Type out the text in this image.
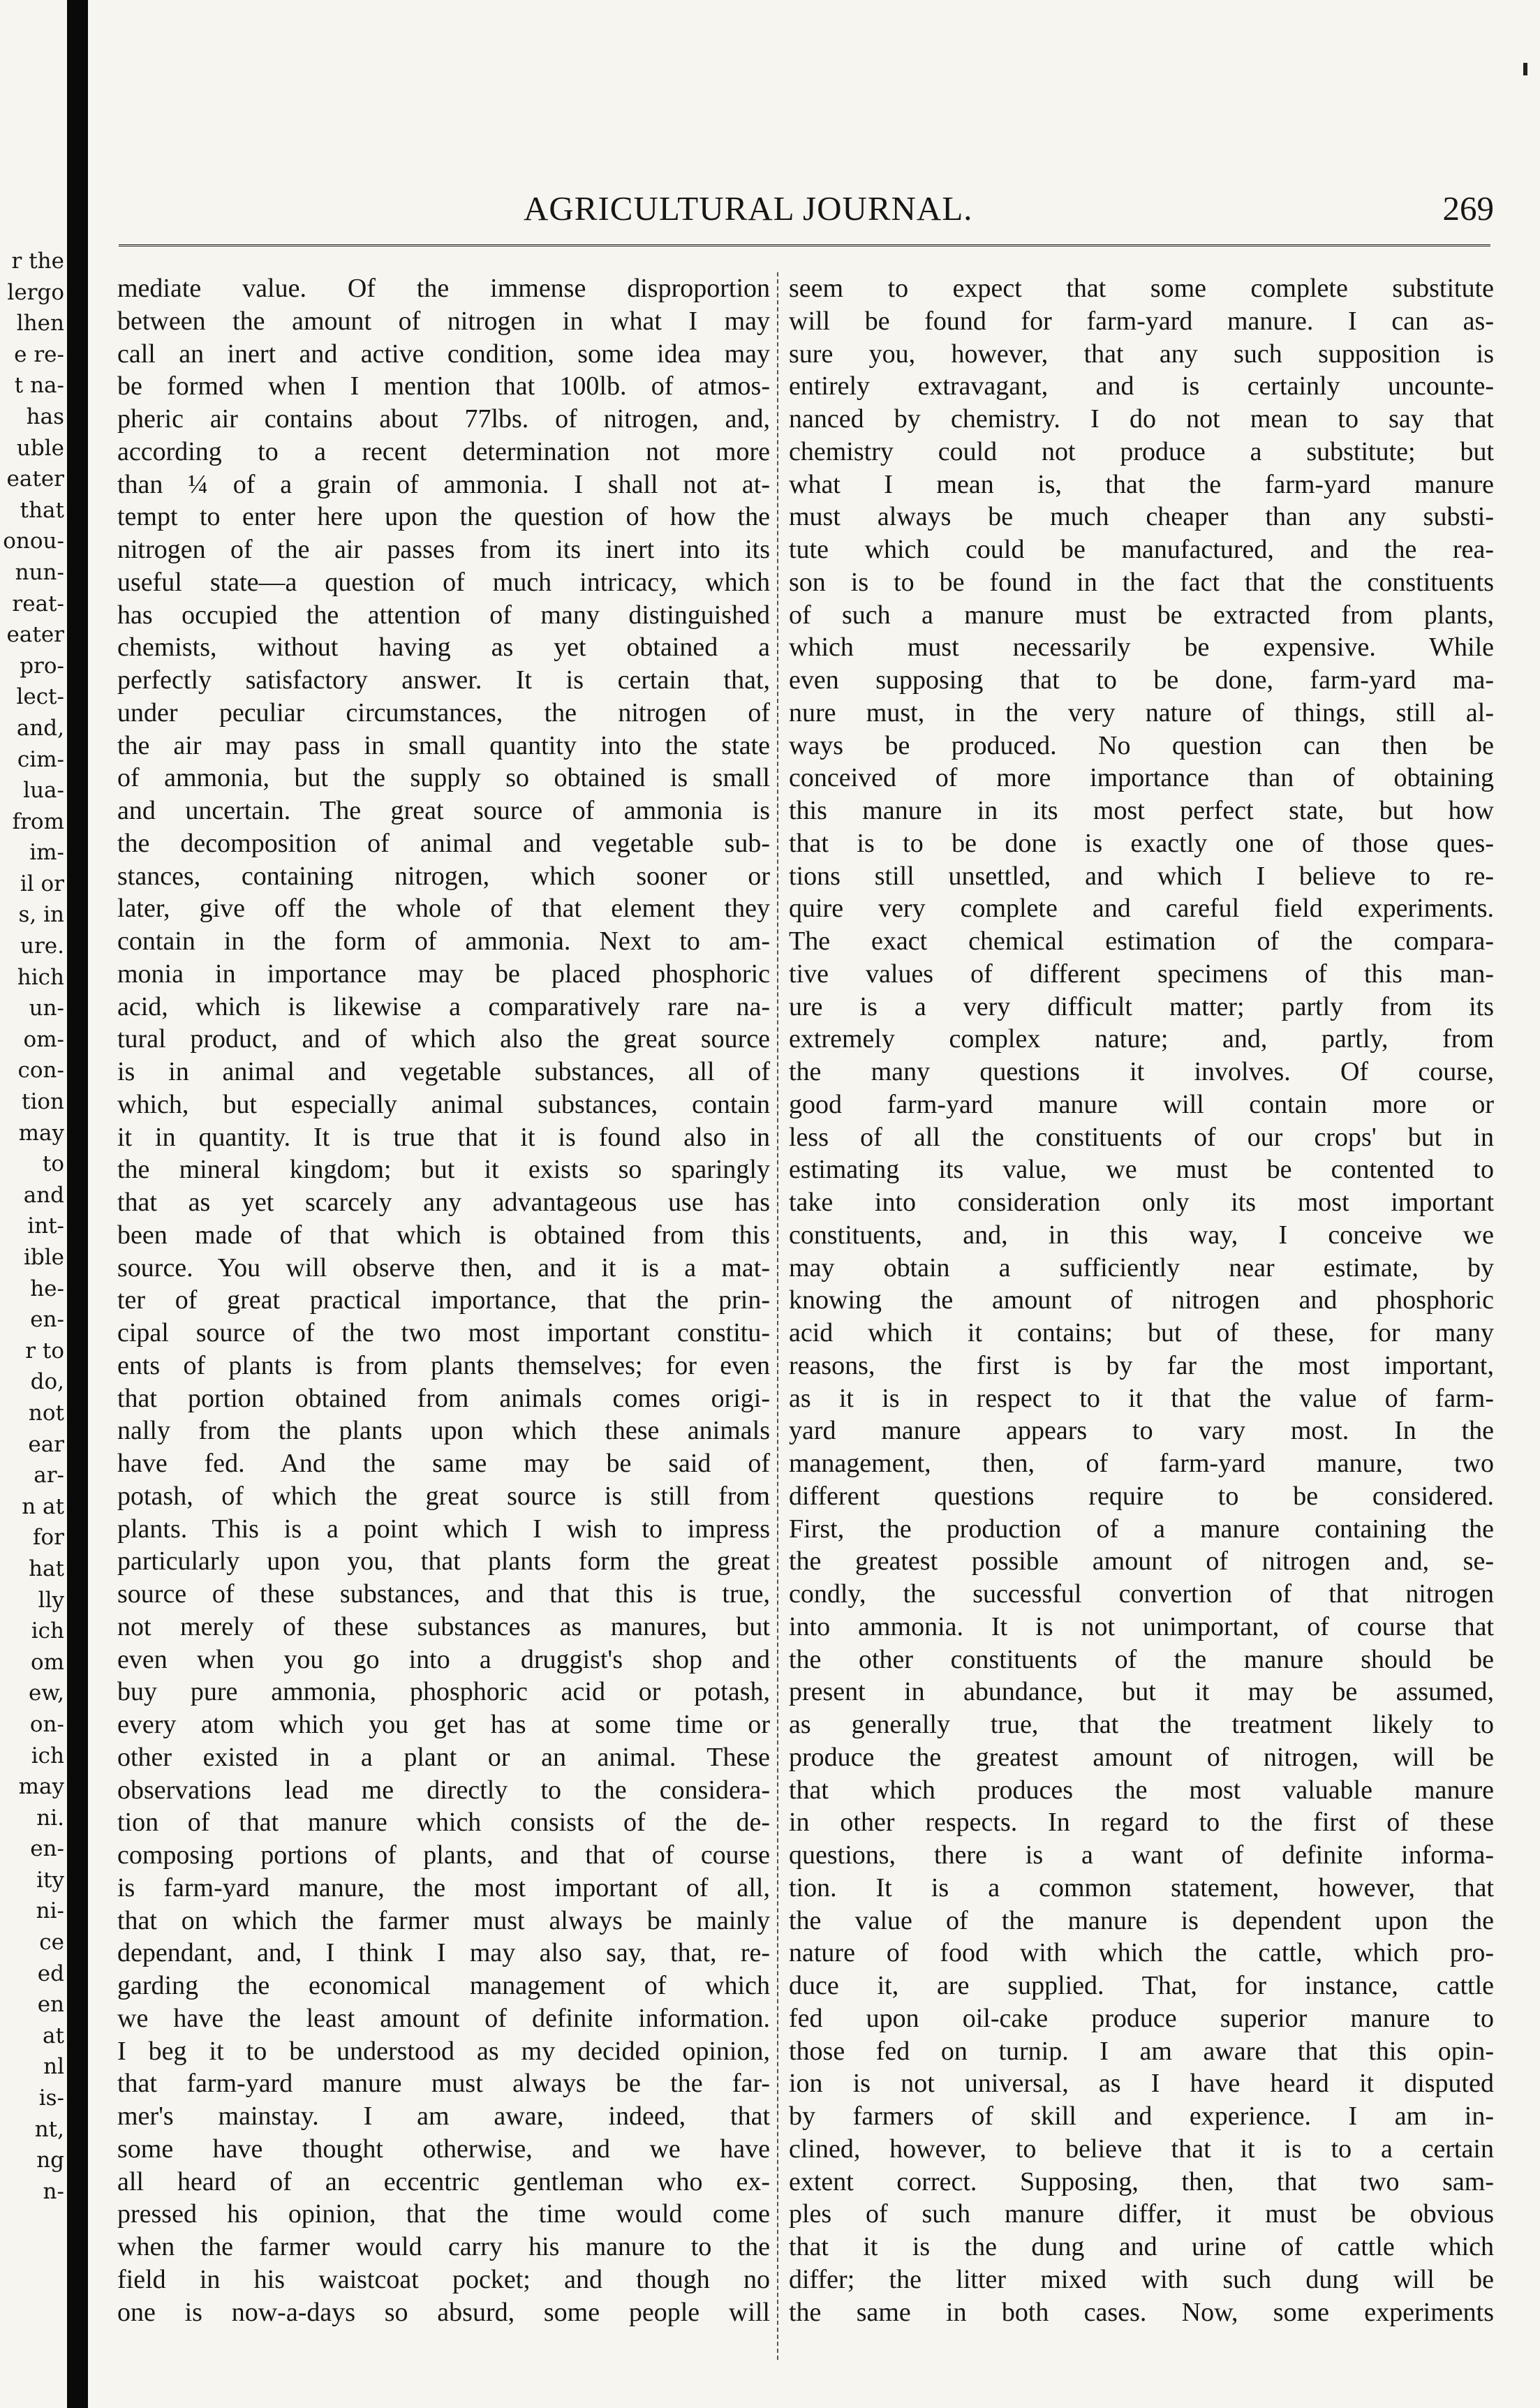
r the
lergo
lhen
e re-
t na-
has
uble
eater
that
onou-
nun-
reat-
eater
pro-
lect-
and,
cim-
lua-
from
im-
il or
s, in
ure.
hich
un-
om-
con-
tion
may
to
and
int-
ible
he-
en-
r to
do,
not
ear
ar-
n at
for
hat
lly
ich
om
ew,
on-
ich
may
ni.
en-
ity
ni-
ce
ed
en
at
nl
is-
nt,
ng
n-
AGRICULTURAL JOURNAL.	269
mediate value. Of the immense disproportion
between the amount of nitrogen in what I may
call an inert and active condition, some idea may
be formed when I mention that 100lb. of atmos-
pheric air contains about 77lbs. of nitrogen, and,
according to a recent determination not more
than ¼ of a grain of ammonia. I shall not at-
tempt to enter here upon the question of how the
nitrogen of the air passes from its inert into its
useful state—a question of much intricacy, which
has occupied the attention of many distinguished
chemists, without having as yet obtained a
perfectly satisfactory answer. It is certain that,
under peculiar circumstances, the nitrogen of
the air may pass in small quantity into the state
of ammonia, but the supply so obtained is small
and uncertain. The great source of ammonia is
the decomposition of animal and vegetable sub-
stances, containing nitrogen, which sooner or
later, give off the whole of that element they
contain in the form of ammonia. Next to am-
monia in importance may be placed phosphoric
acid, which is likewise a comparatively rare na-
tural product, and of which also the great source
is in animal and vegetable substances, all of
which, but especially animal substances, contain
it in quantity. It is true that it is found also in
the mineral kingdom; but it exists so sparingly
that as yet scarcely any advantageous use has
been made of that which is obtained from this
source. You will observe then, and it is a mat-
ter of great practical importance, that the prin-
cipal source of the two most important constitu-
ents of plants is from plants themselves; for even
that portion obtained from animals comes origi-
nally from the plants upon which these animals
have fed. And the same may be said of
potash, of which the great source is still from
plants. This is a point which I wish to impress
particularly upon you, that plants form the great
source of these substances, and that this is true,
not merely of these substances as manures, but
even when you go into a druggist's shop and
buy pure ammonia, phosphoric acid or potash,
every atom which you get has at some time or
other existed in a plant or an animal. These
observations lead me directly to the considera-
tion of that manure which consists of the de-
composing portions of plants, and that of course
is farm-yard manure, the most important of all,
that on which the farmer must always be mainly
dependant, and, I think I may also say, that, re-
garding the economical management of which
we have the least amount of definite information.
I beg it to be understood as my decided opinion,
that farm-yard manure must always be the far-
mer's mainstay. I am aware, indeed, that
some have thought otherwise, and we have
all heard of an eccentric gentleman who ex-
pressed his opinion, that the time would come
when the farmer would carry his manure to the
field in his waistcoat pocket; and though no
one is now-a-days so absurd, some people will
seem to expect that some complete substitute
will be found for farm-yard manure. I can as-
sure you, however, that any such supposition is
entirely extravagant, and is certainly uncounte-
nanced by chemistry. I do not mean to say that
chemistry could not produce a substitute; but
what I mean is, that the farm-yard manure
must always be much cheaper than any substi-
tute which could be manufactured, and the rea-
son is to be found in the fact that the constituents
of such a manure must be extracted from plants,
which must necessarily be expensive. While
even supposing that to be done, farm-yard ma-
nure must, in the very nature of things, still al-
ways be produced. No question can then be
conceived of more importance than of obtaining
this manure in its most perfect state, but how
that is to be done is exactly one of those ques-
tions still unsettled, and which I believe to re-
quire very complete and careful field experiments.
The exact chemical estimation of the compara-
tive values of different specimens of this man-
ure is a very difficult matter; partly from its
extremely complex nature; and, partly, from
the many questions it involves. Of course,
good farm-yard manure will contain more or
less of all the constituents of our crops' but in
estimating its value, we must be contented to
take into consideration only its most important
constituents, and, in this way, I conceive we
may obtain a sufficiently near estimate, by
knowing the amount of nitrogen and phosphoric
acid which it contains; but of these, for many
reasons, the first is by far the most important,
as it is in respect to it that the value of farm-
yard manure appears to vary most. In the
management, then, of farm-yard manure, two
different questions require to be considered.
First, the production of a manure containing the
the greatest possible amount of nitrogen and, se-
condly, the successful convertion of that nitrogen
into ammonia. It is not unimportant, of course that
the other constituents of the manure should be
present in abundance, but it may be assumed,
as generally true, that the treatment likely to
produce the greatest amount of nitrogen, will be
that which produces the most valuable manure
in other respects. In regard to the first of these
questions, there is a want of definite informa-
tion. It is a common statement, however, that
the value of the manure is dependent upon the
nature of food with which the cattle, which pro-
duce it, are supplied. That, for instance, cattle
fed upon oil-cake produce superior manure to
those fed on turnip. I am aware that this opin-
ion is not universal, as I have heard it disputed
by farmers of skill and experience. I am in-
clined, however, to believe that it is to a certain
extent correct. Supposing, then, that two sam-
ples of such manure differ, it must be obvious
that it is the dung and urine of cattle which
differ; the litter mixed with such dung will be
the same in both cases. Now, some experiments
